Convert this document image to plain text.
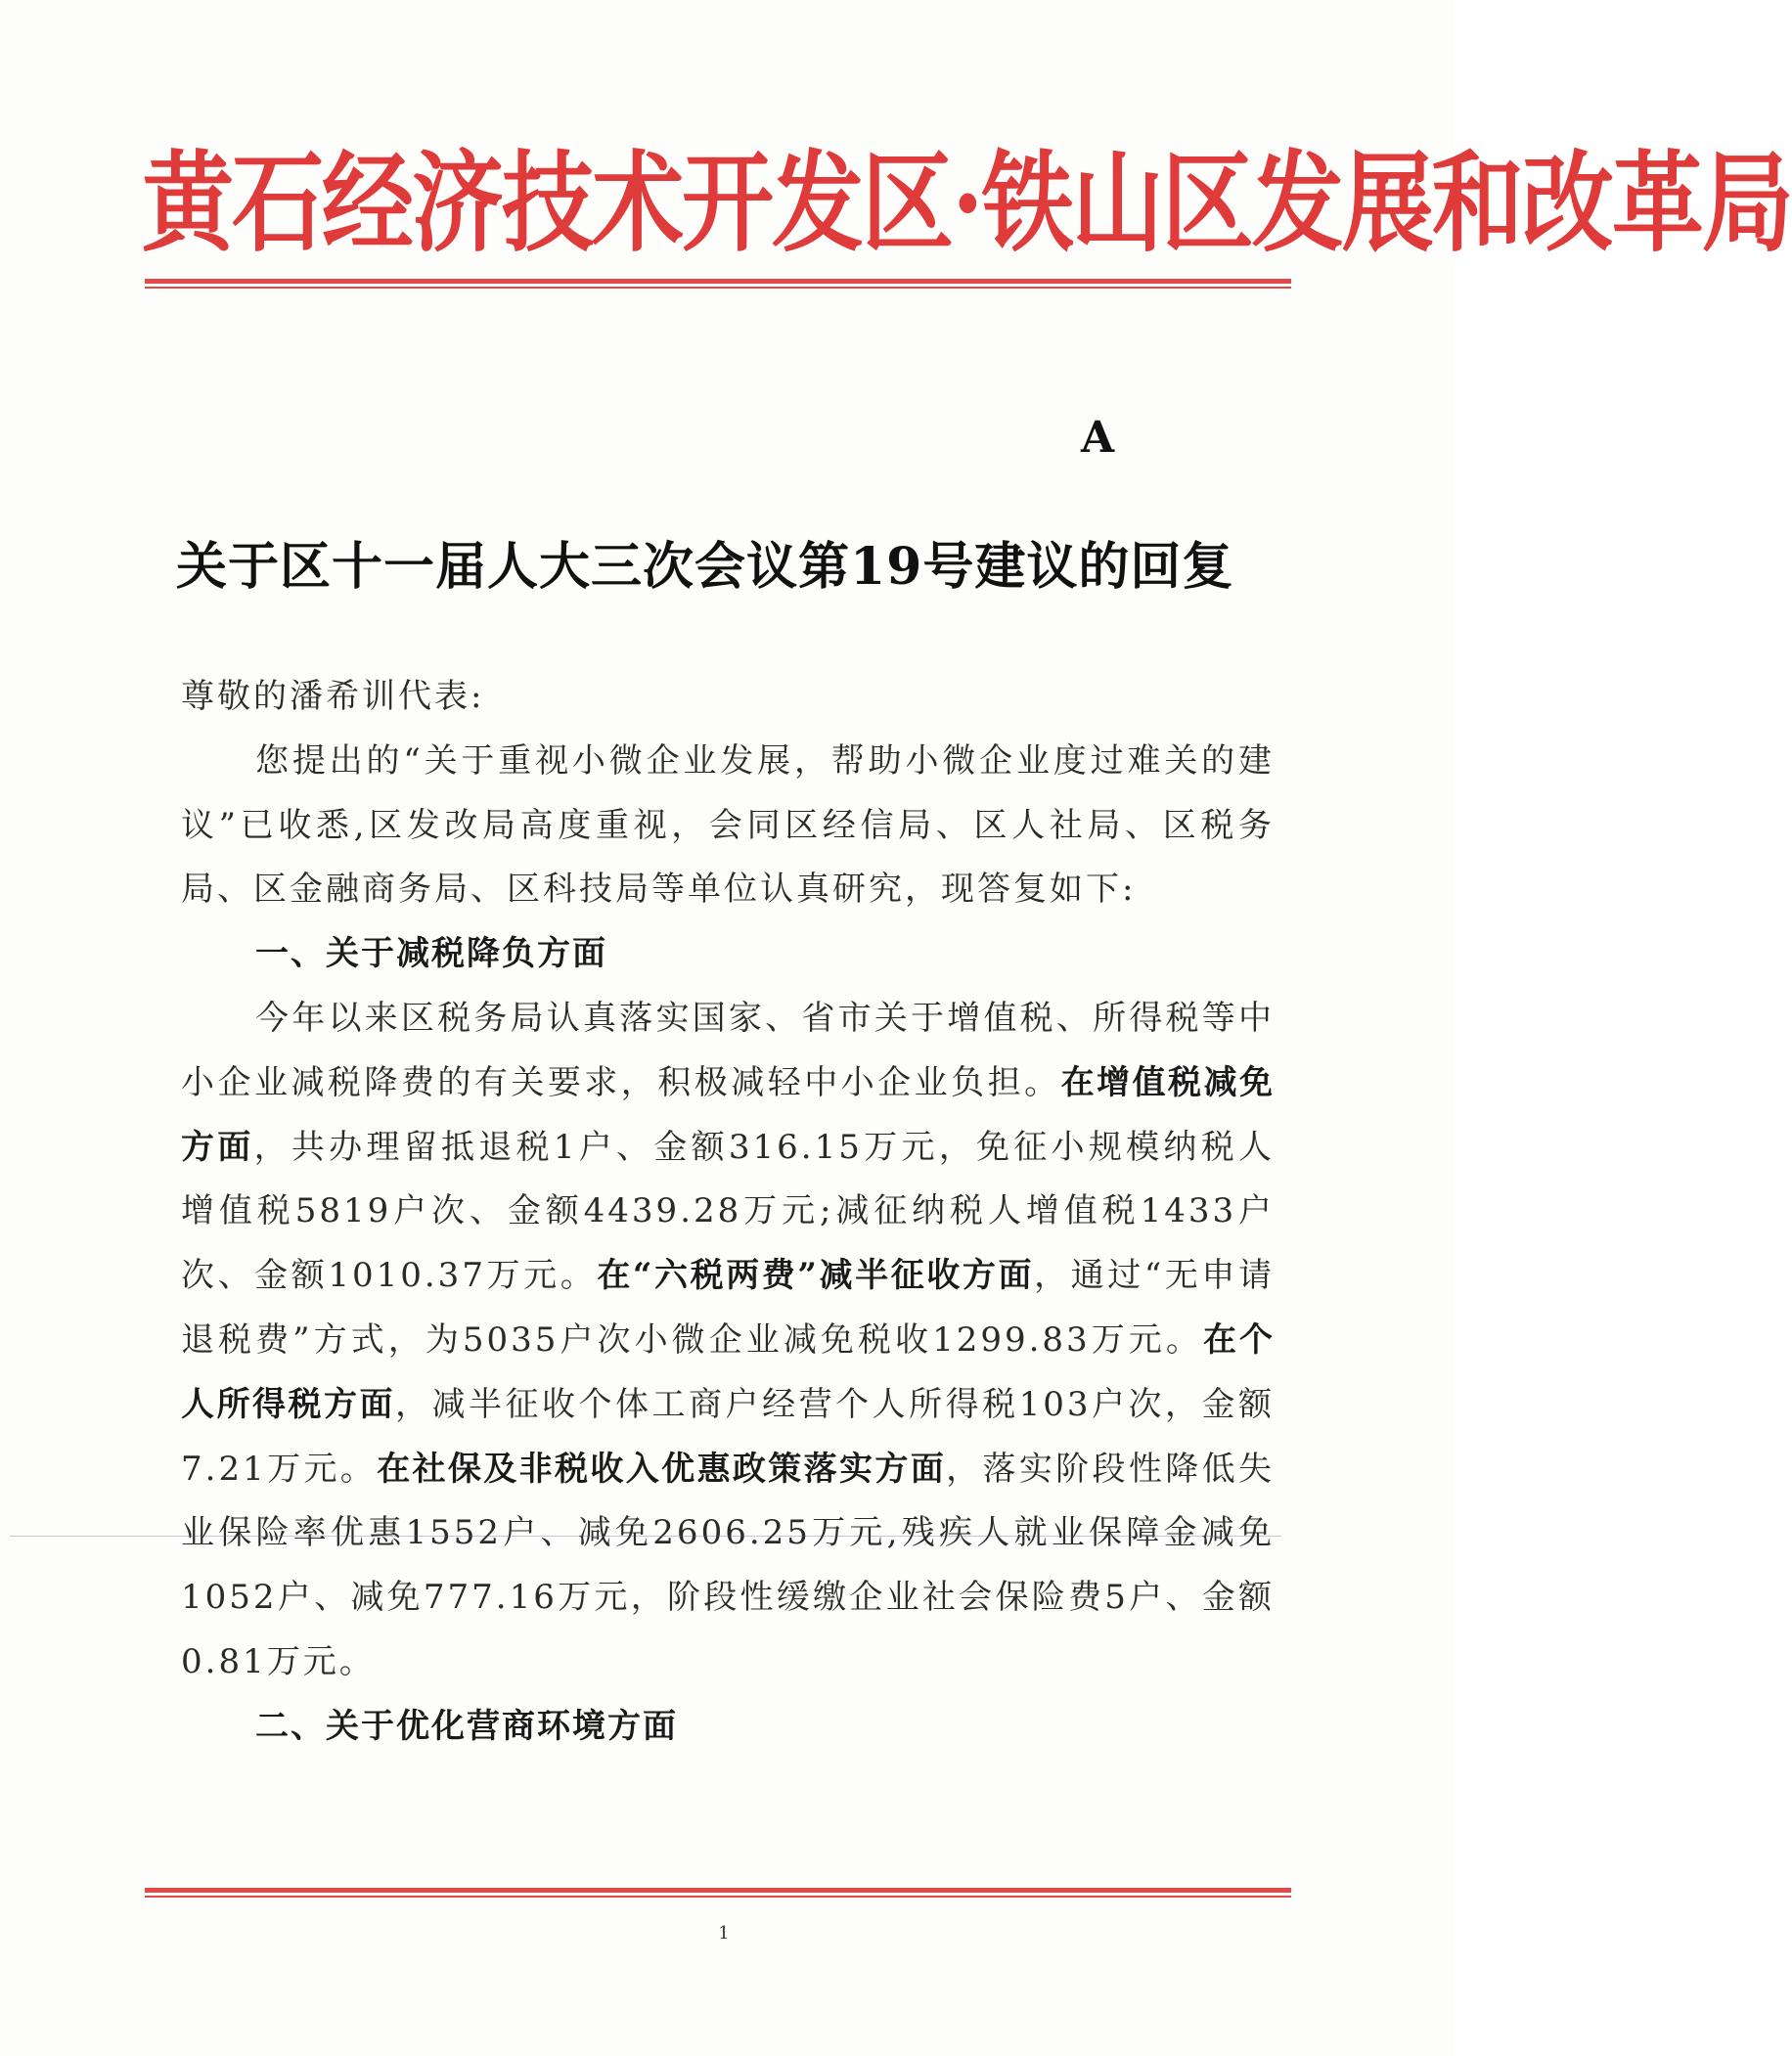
黄石经济技术开发区·铁山区发展和改革局
A
关于区十一届人大三次会议第19号建议的回复

尊敬的潘希训代表:

您提出的“关于重视小微企业发展，帮助小微企业度过难关的建议”已收悉,区发改局高度重视，会同区经信局、区人社局、区税务局、区金融商务局、区科技局等单位认真研究，现答复如下:

一、关于减税降负方面

今年以来区税务局认真落实国家、省市关于增值税、所得税等中小企业减税降费的有关要求，积极减轻中小企业负担。在增值税减免方面，共办理留抵退税1户、金额316.15万元，免征小规模纳税人增值税5819户次、金额4439.28万元;减征纳税人增值税1433户次、金额1010.37万元。在“六税两费”减半征收方面，通过“无申请退税费”方式，为5035户次小微企业减免税收1299.83万元。在个人所得税方面，减半征收个体工商户经营个人所得税103户次，金额7.21万元。在社保及非税收入优惠政策落实方面，落实阶段性降低失业保险率优惠1552户、减免2606.25万元,残疾人就业保障金减免1052户、减免777.16万元，阶段性缓缴企业社会保险费5户、金额0.81万元。

二、关于优化营商环境方面

1
